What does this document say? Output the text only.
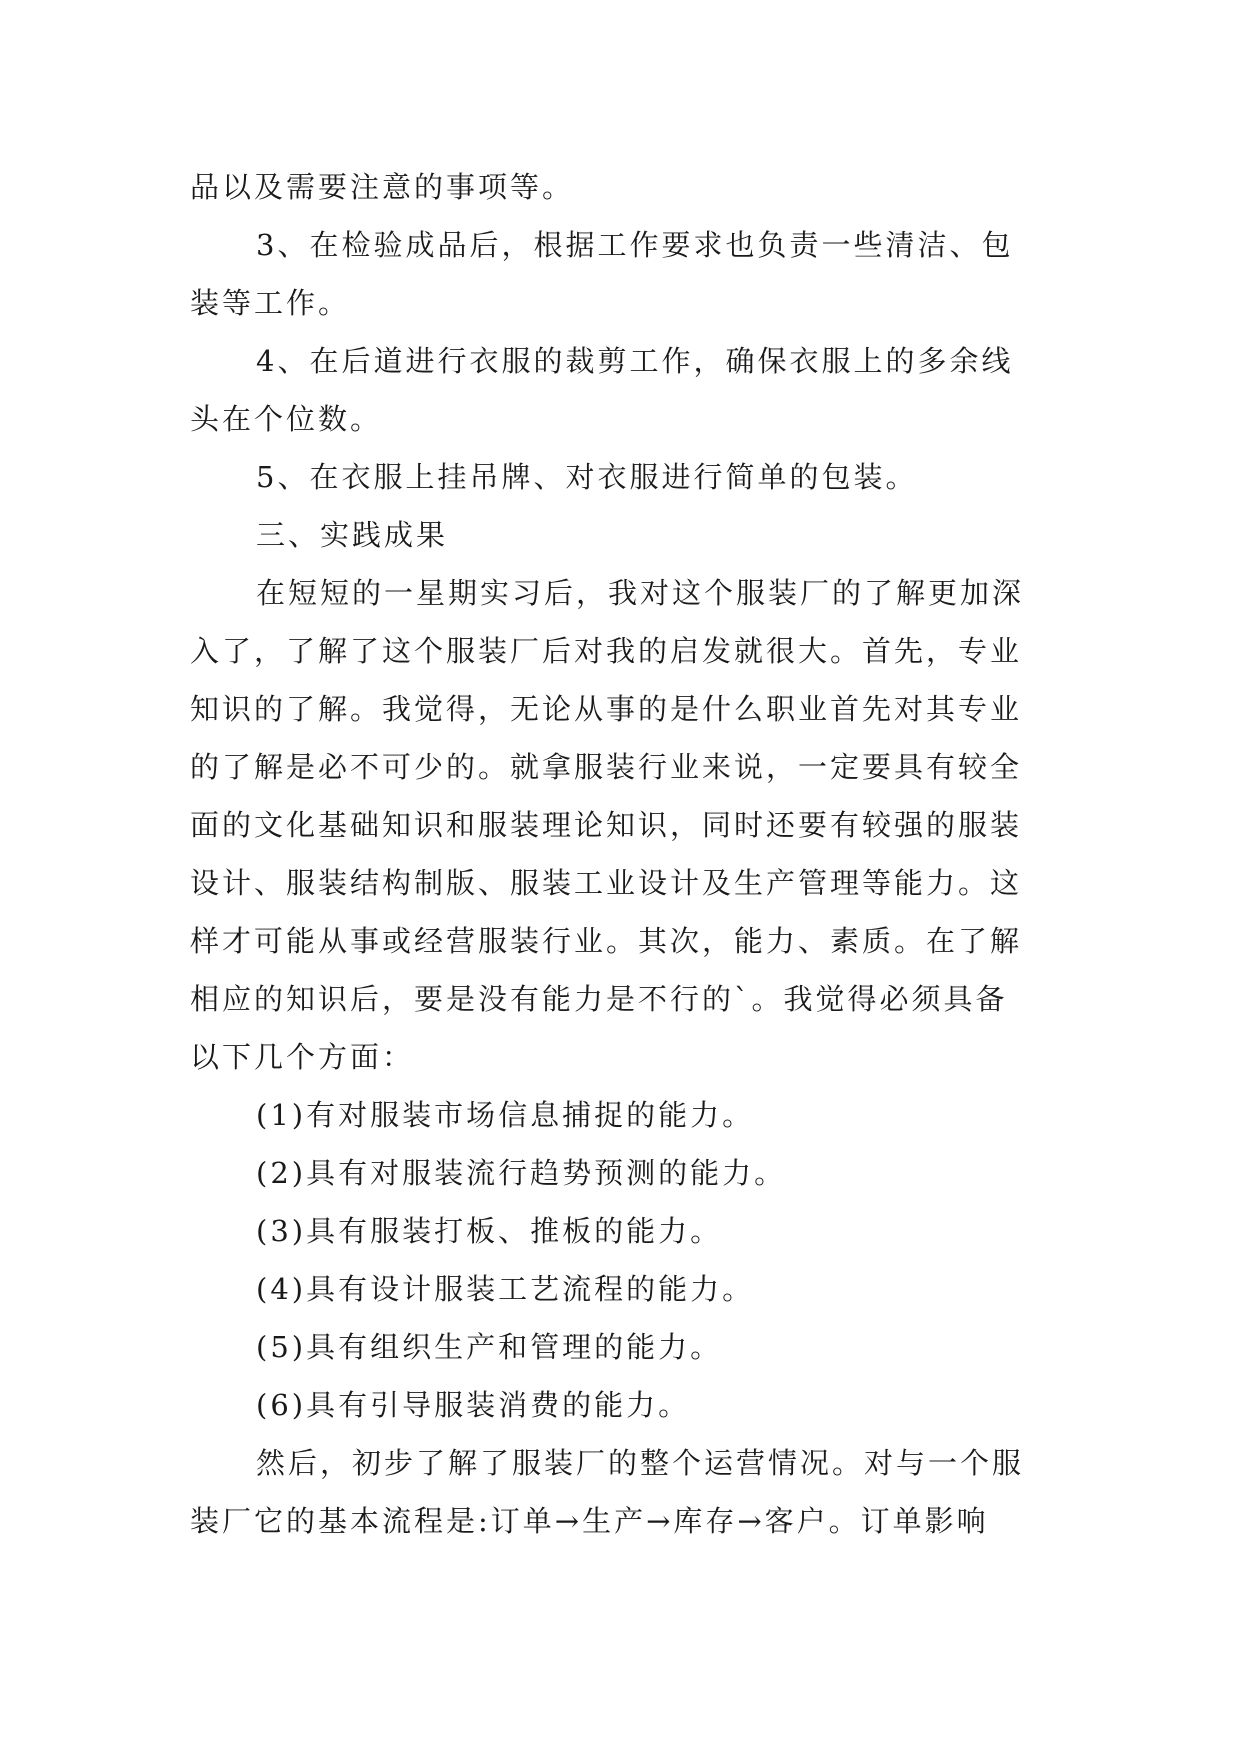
品以及需要注意的事项等。
3、在检验成品后，根据工作要求也负责一些清洁、包
装等工作。
4、在后道进行衣服的裁剪工作，确保衣服上的多余线
头在个位数。
5、在衣服上挂吊牌、对衣服进行简单的包装。
三、实践成果
在短短的一星期实习后，我对这个服装厂的了解更加深
入了，了解了这个服装厂后对我的启发就很大。首先，专业
知识的了解。我觉得，无论从事的是什么职业首先对其专业
的了解是必不可少的。就拿服装行业来说，一定要具有较全
面的文化基础知识和服装理论知识，同时还要有较强的服装
设计、服装结构制版、服装工业设计及生产管理等能力。这
样才可能从事或经营服装行业。其次，能力、素质。在了解
相应的知识后，要是没有能力是不行的`。我觉得必须具备
以下几个方面：
(1)有对服装市场信息捕捉的能力。
(2)具有对服装流行趋势预测的能力。
(3)具有服装打板、推板的能力。
(4)具有设计服装工艺流程的能力。
(5)具有组织生产和管理的能力。
(6)具有引导服装消费的能力。
然后，初步了解了服装厂的整个运营情况。对与一个服
装厂它的基本流程是:订单→生产→库存→客户。订单影响
